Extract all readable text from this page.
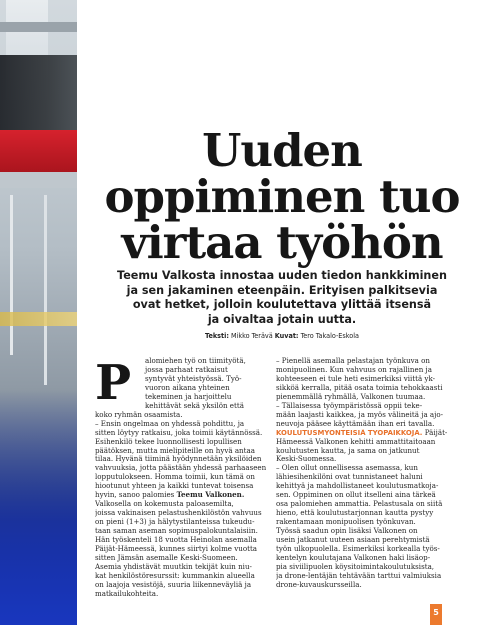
Uuden
oppiminen tuo
virtaa työhön

Teemu Valkosta innostaa uuden tiedon hankkiminen
ja sen jakaminen eteenpäin. Erityisen palkitsevia
ovat hetket, jolloin koulutettava ylittää itsensä
ja oivaltaa jotain uutta.

Teksti: Mikko Terävä Kuvat: Tero Takalo-Eskola
P	alomiehen työ on tiimityötä,
jossa parhaat ratkaisut
syntyvät yhteistyössä. Työ-
vuoron aikana yhteinen
tekeminen ja harjoittelu
kehittävät sekä yksilön että
koko ryhmän osaamista.
– Ensin ongelmaa on yhdessä pohdittu, ja
sitten löytyy ratkaisu, joka toimii käytännössä.
Esihenkilö tekee luonnollisesti lopullisen
päätöksen, mutta mielipiteille on hyvä antaa
tilaa. Hyvänä tiiminä hyödynnetään yksilöiden
vahvuuksia, jotta päästään yhdessä parhaaseen
lopputulokseen. Homma toimii, kun tämä on
hiootunut yhteen ja kaikki tuntevat toisensa
hyvin, sanoo palomies Teemu Valkonen.
Valkosella on kokemusta paloasemilta,
joissa vakinaisen pelastushenkilöstön vahvuus
on pieni (1+3) ja hälytystilanteissa tukeudu-
taan saman aseman sopimuspalokuntalaisiin.
Hän työskenteli 18 vuotta Heinolan asemalla
Päijät-Hämeessä, kunnes siirtyi kolme vuotta
sitten Jämsän asemalle Keski-Suomeen.
Asemia yhdistävät muutkin tekijät kuin niu-
kat henkilöstöresurssit: kummankin alueella
on laajoja vesistöjä, suuria liikenneväyliä ja
matkailukohteita.
– Pienellä asemalla pelastajan työnkuva on
monipuolinen. Kun vahvuus on rajallinen ja
kohteeseen ei tule heti esimerkiksi viittä yk-
sikköä kerralla, pitää osata toimia tehokkaasti
pienemmällä ryhmällä, Valkonen tuumaa.
– Tällaisessa työympäristössä oppii teke-
mään laajasti kaikkea, ja myös välineitä ja ajo-
neuvoja pääsee käyttämään ihan eri tavalla.
KOULUTUSMYÖNTEISIÄ TYÖPAIKKOJA. Päijät-
Hämeessä Valkonen kehitti ammattitaitoaan
koulutusten kautta, ja sama on jatkunut
Keski-Suomessa.
– Olen ollut onnellisessa asemassa, kun
lähiesihenkilöni ovat tunnistaneet haluni
kehittyä ja mahdollistaneet koulutusmatkoja-
sen. Oppiminen on ollut itselleni aina tärkeä
osa palomiehen ammattia. Pelastusala on siitä
hieno, että koulutustarjonnan kautta pystyy
rakentamaan monipuolisen työnkuvan.
Työssä saadun opin lisäksi Valkonen on
usein jatkanut uuteen asiaan perehtymistä
työn ulkopuolella. Esimerkiksi korkealla työs-
kentelyn koulutajana Valkonen haki lisäop-
pia siviilipuolen köysitoimintakoulutuksista,
ja drone-lentäjän tehtävään tarttui valmiuksia
drone-kuvauskursseilla.
5
